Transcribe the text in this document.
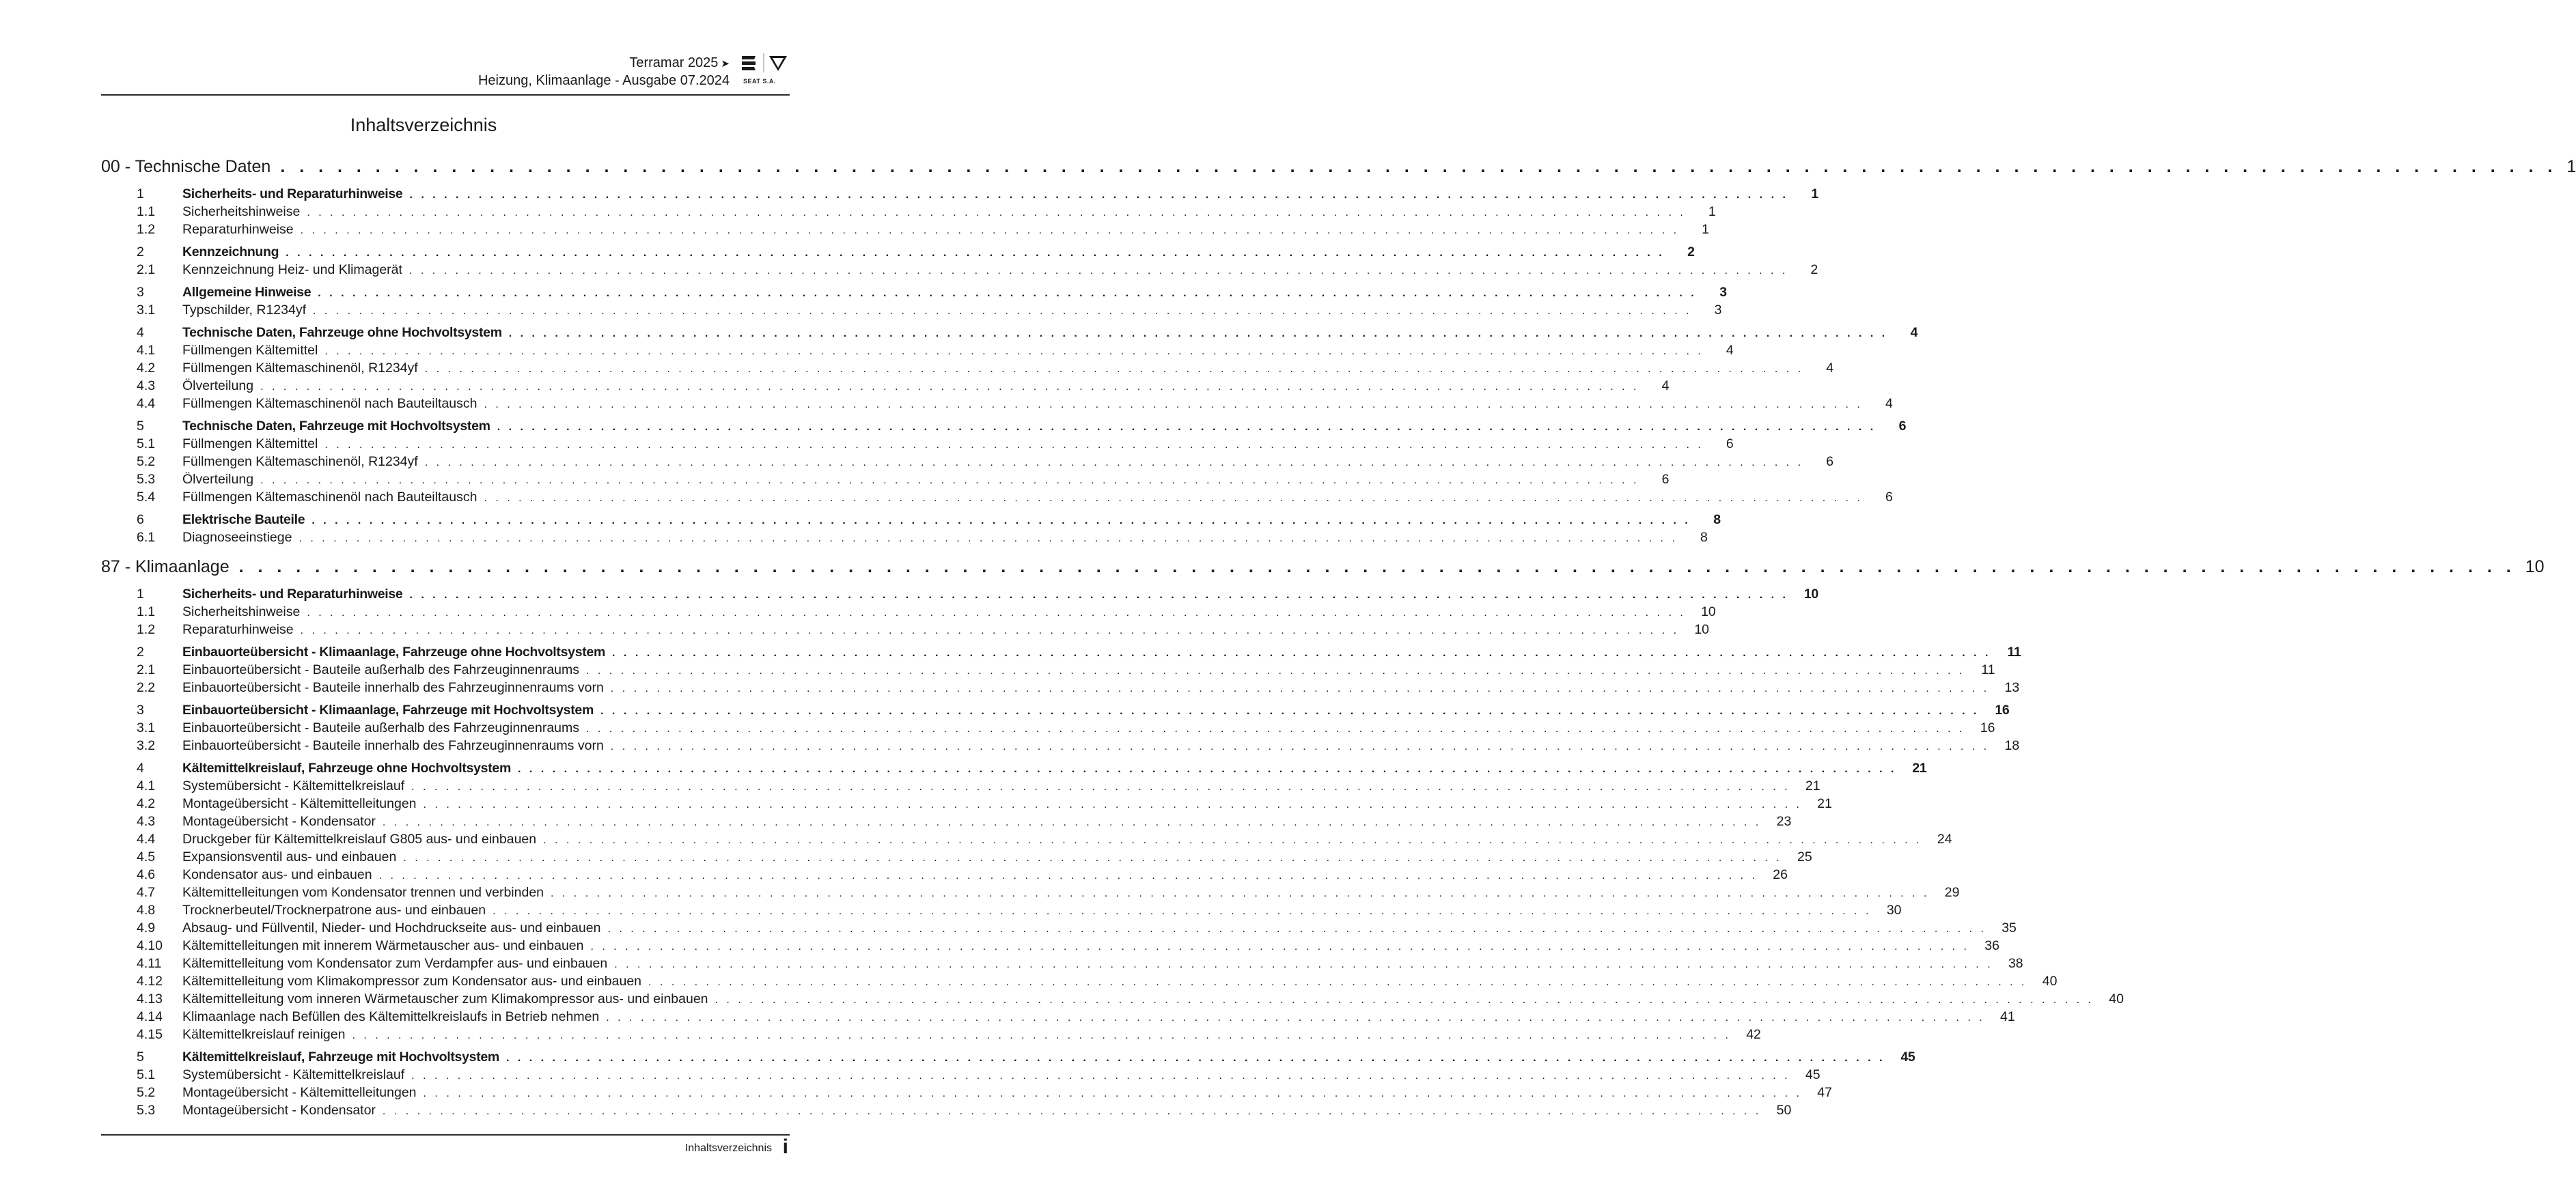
Terramar 2025 ➤
Heizung, Klimaanlage - Ausgabe 07.2024 SEAT S.A.
Inhaltsverzeichnis
00 - Technische Daten . . . . . . . . . . . . . . . . . . . . . . . . . . . . . . . . . . . . . . . . . . . . . . . . . . . . . . . . . . . . . . . . . . . . . . . . . . . . . . . . . . . . . . . . . . . . . . . . . . . . . . . . . . . . . . . . . . . . . . . . 1
1	Sicherheits- und Reparaturhinweise . . . . . . . . . . . . . . . . . . . . . . . . . . . . . . . . . . . . . . . . . . . . . . . . . . . . . . . . . . . . . . . . . . . . . . . . . . . . . . . . . . . . . . . . . . . . . . . . . . . . . . . . . . . . . . . . . . . . . . . .	1
1.1	Sicherheitshinweise . . . . . . . . . . . . . . . . . . . . . . . . . . . . . . . . . . . . . . . . . . . . . . . . . . . . . . . . . . . . . . . . . . . . . . . . . . . . . . . . . . . . . . . . . . . . . . . . . . . . . . . . . . . . . . . . . . . . . . . .	1
1.2	Reparaturhinweise . . . . . . . . . . . . . . . . . . . . . . . . . . . . . . . . . . . . . . . . . . . . . . . . . . . . . . . . . . . . . . . . . . . . . . . . . . . . . . . . . . . . . . . . . . . . . . . . . . . . . . . . . . . . . . . . . . . . . . . .	1
2	Kennzeichnung . . . . . . . . . . . . . . . . . . . . . . . . . . . . . . . . . . . . . . . . . . . . . . . . . . . . . . . . . . . . . . . . . . . . . . . . . . . . . . . . . . . . . . . . . . . . . . . . . . . . . . . . . . . . . . . . . . . . . . . .	2
2.1	Kennzeichnung Heiz- und Klimagerät . . . . . . . . . . . . . . . . . . . . . . . . . . . . . . . . . . . . . . . . . . . . . . . . . . . . . . . . . . . . . . . . . . . . . . . . . . . . . . . . . . . . . . . . . . . . . . . . . . . . . . . . . . . . . . . . . . . . . . . .	2
3	Allgemeine Hinweise . . . . . . . . . . . . . . . . . . . . . . . . . . . . . . . . . . . . . . . . . . . . . . . . . . . . . . . . . . . . . . . . . . . . . . . . . . . . . . . . . . . . . . . . . . . . . . . . . . . . . . . . . . . . . . . . . . . . . . . .	3
3.1	Typschilder, R1234yf . . . . . . . . . . . . . . . . . . . . . . . . . . . . . . . . . . . . . . . . . . . . . . . . . . . . . . . . . . . . . . . . . . . . . . . . . . . . . . . . . . . . . . . . . . . . . . . . . . . . . . . . . . . . . . . . . . . . . . . .	3
4	Technische Daten, Fahrzeuge ohne Hochvoltsystem . . . . . . . . . . . . . . . . . . . . . . . . . . . . . . . . . . . . . . . . . . . . . . . . . . . . . . . . . . . . . . . . . . . . . . . . . . . . . . . . . . . . . . . . . . . . . . . . . . . . . . . . . . . . . . . . . . . . . . . .	4
4.1	Füllmengen Kältemittel . . . . . . . . . . . . . . . . . . . . . . . . . . . . . . . . . . . . . . . . . . . . . . . . . . . . . . . . . . . . . . . . . . . . . . . . . . . . . . . . . . . . . . . . . . . . . . . . . . . . . . . . . . . . . . . . . . . . . . . .	4
4.2	Füllmengen Kältemaschinenöl, R1234yf . . . . . . . . . . . . . . . . . . . . . . . . . . . . . . . . . . . . . . . . . . . . . . . . . . . . . . . . . . . . . . . . . . . . . . . . . . . . . . . . . . . . . . . . . . . . . . . . . . . . . . . . . . . . . . . . . . . . . . . .	4
4.3	Ölverteilung . . . . . . . . . . . . . . . . . . . . . . . . . . . . . . . . . . . . . . . . . . . . . . . . . . . . . . . . . . . . . . . . . . . . . . . . . . . . . . . . . . . . . . . . . . . . . . . . . . . . . . . . . . . . . . . . . . . . . . . .	4
4.4	Füllmengen Kältemaschinenöl nach Bauteiltausch . . . . . . . . . . . . . . . . . . . . . . . . . . . . . . . . . . . . . . . . . . . . . . . . . . . . . . . . . . . . . . . . . . . . . . . . . . . . . . . . . . . . . . . . . . . . . . . . . . . . . . . . . . . . . . . . . . . . . . . .	4
5	Technische Daten, Fahrzeuge mit Hochvoltsystem . . . . . . . . . . . . . . . . . . . . . . . . . . . . . . . . . . . . . . . . . . . . . . . . . . . . . . . . . . . . . . . . . . . . . . . . . . . . . . . . . . . . . . . . . . . . . . . . . . . . . . . . . . . . . . . . . . . . . . . .	6
5.1	Füllmengen Kältemittel . . . . . . . . . . . . . . . . . . . . . . . . . . . . . . . . . . . . . . . . . . . . . . . . . . . . . . . . . . . . . . . . . . . . . . . . . . . . . . . . . . . . . . . . . . . . . . . . . . . . . . . . . . . . . . . . . . . . . . . .	6
5.2	Füllmengen Kältemaschinenöl, R1234yf . . . . . . . . . . . . . . . . . . . . . . . . . . . . . . . . . . . . . . . . . . . . . . . . . . . . . . . . . . . . . . . . . . . . . . . . . . . . . . . . . . . . . . . . . . . . . . . . . . . . . . . . . . . . . . . . . . . . . . . .	6
5.3	Ölverteilung . . . . . . . . . . . . . . . . . . . . . . . . . . . . . . . . . . . . . . . . . . . . . . . . . . . . . . . . . . . . . . . . . . . . . . . . . . . . . . . . . . . . . . . . . . . . . . . . . . . . . . . . . . . . . . . . . . . . . . . .	6
5.4	Füllmengen Kältemaschinenöl nach Bauteiltausch . . . . . . . . . . . . . . . . . . . . . . . . . . . . . . . . . . . . . . . . . . . . . . . . . . . . . . . . . . . . . . . . . . . . . . . . . . . . . . . . . . . . . . . . . . . . . . . . . . . . . . . . . . . . . . . . . . . . . . . .	6
6	Elektrische Bauteile . . . . . . . . . . . . . . . . . . . . . . . . . . . . . . . . . . . . . . . . . . . . . . . . . . . . . . . . . . . . . . . . . . . . . . . . . . . . . . . . . . . . . . . . . . . . . . . . . . . . . . . . . . . . . . . . . . . . . . . .	8
6.1	Diagnoseeinstiege . . . . . . . . . . . . . . . . . . . . . . . . . . . . . . . . . . . . . . . . . . . . . . . . . . . . . . . . . . . . . . . . . . . . . . . . . . . . . . . . . . . . . . . . . . . . . . . . . . . . . . . . . . . . . . . . . . . . . . . .	8
87 - Klimaanlage . . . . . . . . . . . . . . . . . . . . . . . . . . . . . . . . . . . . . . . . . . . . . . . . . . . . . . . . . . . . . . . . . . . . . . . . . . . . . . . . . . . . . . . . . . . . . . . . . . . . . . . . . . . . . . . . . . . . . . . . 10
1	Sicherheits- und Reparaturhinweise . . . . . . . . . . . . . . . . . . . . . . . . . . . . . . . . . . . . . . . . . . . . . . . . . . . . . . . . . . . . . . . . . . . . . . . . . . . . . . . . . . . . . . . . . . . . . . . . . . . . . . . . . . . . . . . . . . . . . . . .	10
1.1	Sicherheitshinweise . . . . . . . . . . . . . . . . . . . . . . . . . . . . . . . . . . . . . . . . . . . . . . . . . . . . . . . . . . . . . . . . . . . . . . . . . . . . . . . . . . . . . . . . . . . . . . . . . . . . . . . . . . . . . . . . . . . . . . . .	10
1.2	Reparaturhinweise . . . . . . . . . . . . . . . . . . . . . . . . . . . . . . . . . . . . . . . . . . . . . . . . . . . . . . . . . . . . . . . . . . . . . . . . . . . . . . . . . . . . . . . . . . . . . . . . . . . . . . . . . . . . . . . . . . . . . . . .	10
2	Einbauorteübersicht - Klimaanlage, Fahrzeuge ohne Hochvoltsystem . . . . . . . . . . . . . . . . . . . . . . . . . . . . . . . . . . . . . . . . . . . . . . . . . . . . . . . . . . . . . . . . . . . . . . . . . . . . . . . . . . . . . . . . . . . . . . . . . . . . . . . . . . . . . . . . . . . . . . . .	11
2.1	Einbauorteübersicht - Bauteile außerhalb des Fahrzeuginnenraums . . . . . . . . . . . . . . . . . . . . . . . . . . . . . . . . . . . . . . . . . . . . . . . . . . . . . . . . . . . . . . . . . . . . . . . . . . . . . . . . . . . . . . . . . . . . . . . . . . . . . . . . . . . . . . . . . . . . . . . .	11
2.2	Einbauorteübersicht - Bauteile innerhalb des Fahrzeuginnenraums vorn . . . . . . . . . . . . . . . . . . . . . . . . . . . . . . . . . . . . . . . . . . . . . . . . . . . . . . . . . . . . . . . . . . . . . . . . . . . . . . . . . . . . . . . . . . . . . . . . . . . . . . . . . . . . . . . . . . . . . . . .	13
3	Einbauorteübersicht - Klimaanlage, Fahrzeuge mit Hochvoltsystem . . . . . . . . . . . . . . . . . . . . . . . . . . . . . . . . . . . . . . . . . . . . . . . . . . . . . . . . . . . . . . . . . . . . . . . . . . . . . . . . . . . . . . . . . . . . . . . . . . . . . . . . . . . . . . . . . . . . . . . .	16
3.1	Einbauorteübersicht - Bauteile außerhalb des Fahrzeuginnenraums . . . . . . . . . . . . . . . . . . . . . . . . . . . . . . . . . . . . . . . . . . . . . . . . . . . . . . . . . . . . . . . . . . . . . . . . . . . . . . . . . . . . . . . . . . . . . . . . . . . . . . . . . . . . . . . . . . . . . . . .	16
3.2	Einbauorteübersicht - Bauteile innerhalb des Fahrzeuginnenraums vorn . . . . . . . . . . . . . . . . . . . . . . . . . . . . . . . . . . . . . . . . . . . . . . . . . . . . . . . . . . . . . . . . . . . . . . . . . . . . . . . . . . . . . . . . . . . . . . . . . . . . . . . . . . . . . . . . . . . . . . . .	18
4	Kältemittelkreislauf, Fahrzeuge ohne Hochvoltsystem . . . . . . . . . . . . . . . . . . . . . . . . . . . . . . . . . . . . . . . . . . . . . . . . . . . . . . . . . . . . . . . . . . . . . . . . . . . . . . . . . . . . . . . . . . . . . . . . . . . . . . . . . . . . . . . . . . . . . . . .	21
4.1	Systemübersicht - Kältemittelkreislauf . . . . . . . . . . . . . . . . . . . . . . . . . . . . . . . . . . . . . . . . . . . . . . . . . . . . . . . . . . . . . . . . . . . . . . . . . . . . . . . . . . . . . . . . . . . . . . . . . . . . . . . . . . . . . . . . . . . . . . . .	21
4.2	Montageübersicht - Kältemittelleitungen . . . . . . . . . . . . . . . . . . . . . . . . . . . . . . . . . . . . . . . . . . . . . . . . . . . . . . . . . . . . . . . . . . . . . . . . . . . . . . . . . . . . . . . . . . . . . . . . . . . . . . . . . . . . . . . . . . . . . . . .	21
4.3	Montageübersicht - Kondensator . . . . . . . . . . . . . . . . . . . . . . . . . . . . . . . . . . . . . . . . . . . . . . . . . . . . . . . . . . . . . . . . . . . . . . . . . . . . . . . . . . . . . . . . . . . . . . . . . . . . . . . . . . . . . . . . . . . . . . . .	23
4.4	Druckgeber für Kältemittelkreislauf G805 aus- und einbauen . . . . . . . . . . . . . . . . . . . . . . . . . . . . . . . . . . . . . . . . . . . . . . . . . . . . . . . . . . . . . . . . . . . . . . . . . . . . . . . . . . . . . . . . . . . . . . . . . . . . . . . . . . . . . . . . . . . . . . . .	24
4.5	Expansionsventil aus- und einbauen . . . . . . . . . . . . . . . . . . . . . . . . . . . . . . . . . . . . . . . . . . . . . . . . . . . . . . . . . . . . . . . . . . . . . . . . . . . . . . . . . . . . . . . . . . . . . . . . . . . . . . . . . . . . . . . . . . . . . . . .	25
4.6	Kondensator aus- und einbauen . . . . . . . . . . . . . . . . . . . . . . . . . . . . . . . . . . . . . . . . . . . . . . . . . . . . . . . . . . . . . . . . . . . . . . . . . . . . . . . . . . . . . . . . . . . . . . . . . . . . . . . . . . . . . . . . . . . . . . . .	26
4.7	Kältemittelleitungen vom Kondensator trennen und verbinden . . . . . . . . . . . . . . . . . . . . . . . . . . . . . . . . . . . . . . . . . . . . . . . . . . . . . . . . . . . . . . . . . . . . . . . . . . . . . . . . . . . . . . . . . . . . . . . . . . . . . . . . . . . . . . . . . . . . . . . .	29
4.8	Trocknerbeutel/Trocknerpatrone aus- und einbauen . . . . . . . . . . . . . . . . . . . . . . . . . . . . . . . . . . . . . . . . . . . . . . . . . . . . . . . . . . . . . . . . . . . . . . . . . . . . . . . . . . . . . . . . . . . . . . . . . . . . . . . . . . . . . . . . . . . . . . . .	30
4.9	Absaug- und Füllventil, Nieder- und Hochdruckseite aus- und einbauen . . . . . . . . . . . . . . . . . . . . . . . . . . . . . . . . . . . . . . . . . . . . . . . . . . . . . . . . . . . . . . . . . . . . . . . . . . . . . . . . . . . . . . . . . . . . . . . . . . . . . . . . . . . . . . . . . . . . . . . .	35
4.10	Kältemittelleitungen mit innerem Wärmetauscher aus- und einbauen . . . . . . . . . . . . . . . . . . . . . . . . . . . . . . . . . . . . . . . . . . . . . . . . . . . . . . . . . . . . . . . . . . . . . . . . . . . . . . . . . . . . . . . . . . . . . . . . . . . . . . . . . . . . . . . . . . . . . . . .	36
4.11	Kältemittelleitung vom Kondensator zum Verdampfer aus- und einbauen . . . . . . . . . . . . . . . . . . . . . . . . . . . . . . . . . . . . . . . . . . . . . . . . . . . . . . . . . . . . . . . . . . . . . . . . . . . . . . . . . . . . . . . . . . . . . . . . . . . . . . . . . . . . . . . . . . . . . . . .	38
4.12	Kältemittelleitung vom Klimakompressor zum Kondensator aus- und einbauen . . . . . . . . . . . . . . . . . . . . . . . . . . . . . . . . . . . . . . . . . . . . . . . . . . . . . . . . . . . . . . . . . . . . . . . . . . . . . . . . . . . . . . . . . . . . . . . . . . . . . . . . . . . . . . . . . . . . . . . .	40
4.13	Kältemittelleitung vom inneren Wärmetauscher zum Klimakompressor aus- und einbauen . . . . . . . . . . . . . . . . . . . . . . . . . . . . . . . . . . . . . . . . . . . . . . . . . . . . . . . . . . . . . . . . . . . . . . . . . . . . . . . . . . . . . . . . . . . . . . . . . . . . . . . . . . . . . . . . . . . . . . . .	40
4.14	Klimaanlage nach Befüllen des Kältemittelkreislaufs in Betrieb nehmen . . . . . . . . . . . . . . . . . . . . . . . . . . . . . . . . . . . . . . . . . . . . . . . . . . . . . . . . . . . . . . . . . . . . . . . . . . . . . . . . . . . . . . . . . . . . . . . . . . . . . . . . . . . . . . . . . . . . . . . .	41
4.15	Kältemittelkreislauf reinigen . . . . . . . . . . . . . . . . . . . . . . . . . . . . . . . . . . . . . . . . . . . . . . . . . . . . . . . . . . . . . . . . . . . . . . . . . . . . . . . . . . . . . . . . . . . . . . . . . . . . . . . . . . . . . . . . . . . . . . . .	42
5	Kältemittelkreislauf, Fahrzeuge mit Hochvoltsystem . . . . . . . . . . . . . . . . . . . . . . . . . . . . . . . . . . . . . . . . . . . . . . . . . . . . . . . . . . . . . . . . . . . . . . . . . . . . . . . . . . . . . . . . . . . . . . . . . . . . . . . . . . . . . . . . . . . . . . . .	45
5.1	Systemübersicht - Kältemittelkreislauf . . . . . . . . . . . . . . . . . . . . . . . . . . . . . . . . . . . . . . . . . . . . . . . . . . . . . . . . . . . . . . . . . . . . . . . . . . . . . . . . . . . . . . . . . . . . . . . . . . . . . . . . . . . . . . . . . . . . . . . .	45
5.2	Montageübersicht - Kältemittelleitungen . . . . . . . . . . . . . . . . . . . . . . . . . . . . . . . . . . . . . . . . . . . . . . . . . . . . . . . . . . . . . . . . . . . . . . . . . . . . . . . . . . . . . . . . . . . . . . . . . . . . . . . . . . . . . . . . . . . . . . . .	47
5.3	Montageübersicht - Kondensator . . . . . . . . . . . . . . . . . . . . . . . . . . . . . . . . . . . . . . . . . . . . . . . . . . . . . . . . . . . . . . . . . . . . . . . . . . . . . . . . . . . . . . . . . . . . . . . . . . . . . . . . . . . . . . . . . . . . . . . .	50
Inhaltsverzeichnis i
